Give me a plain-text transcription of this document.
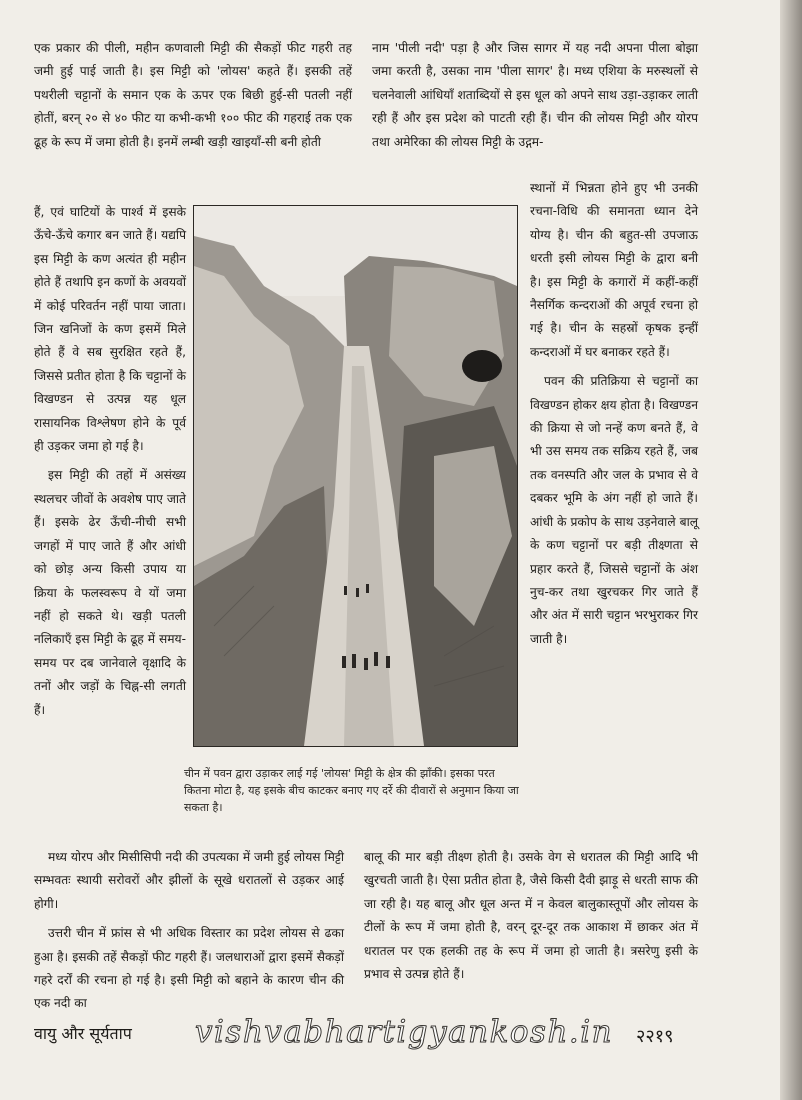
एक प्रकार की पीली, महीन कणवाली मिट्टी की सैकड़ों फीट गहरी तह जमी हुई पाई जाती है। इस मिट्टी को 'लोयस' कहते हैं। इसकी तहें पथरीली चट्टानों के समान एक के ऊपर एक बिछी हुई-सी पतली नहीं होतीं, बरन् २० से ४० फीट या कभी-कभी १०० फीट की गहराई तक एक ढूह के रूप में जमा होती है। इनमें लम्बी खड़ी खाइयाँ-सी बनी होती

हैं, एवं घाटियों के पार्श्व में इसके ऊँचे-ऊँचे कगार बन जाते हैं। यद्यपि इस मिट्टी के कण अत्यंत ही महीन होते हैं तथापि इन कणों के अवयवों में कोई परिवर्तन नहीं पाया जाता। जिन खनिजों के कण इसमें मिले होते हैं वे सब सुरक्षित रहते हैं, जिससे प्रतीत होता है कि चट्टानों के विखण्डन से उत्पन्न यह धूल रासायनिक विश्लेषण होने के पूर्व ही उड़कर जमा हो गई है।

इस मिट्टी की तहों में असंख्य स्थलचर जीवों के अवशेष पाए जाते हैं। इसके ढेर ऊँची-नीची सभी जगहों में पाए जाते हैं और आंधी को छोड़ अन्य किसी उपाय या क्रिया के फलस्वरूप वे यों जमा नहीं हो सकते थे। खड़ी पतली नलिकाएँ इस मिट्टी के ढूह में समय-समय पर दब जानेवाले वृक्षादि के तनों और जड़ों के चिह्न-सी लगती हैं।

नाम 'पीली नदी' पड़ा है और जिस सागर में यह नदी अपना पीला बोझा जमा करती है, उसका नाम 'पीला सागर' है। मध्य एशिया के मरुस्थलों से चलनेवाली आंधियाँ शताब्दियों से इस धूल को अपने साथ उड़ा-उड़ाकर लाती रही हैं और इस प्रदेश को पाटती रही हैं। चीन की लोयस मिट्टी और योरप तथा अमेरिका की लोयस मिट्टी के उद्गम-

स्थानों में भिन्नता होने हुए भी उनकी रचना-विधि की समानता ध्यान देने योग्य है। चीन की बहुत-सी उपजाऊ धरती इसी लोयस मिट्टी के द्वारा बनी है। इस मिट्टी के कगारों में कहीं-कहीं नैसर्गिक कन्दराओं की अपूर्व रचना हो गई है। चीन के सहस्रों कृषक इन्हीं कन्दराओं में घर बनाकर रहते हैं।

पवन की प्रतिक्रिया से चट्टानों का विखण्डन होकर क्षय होता है। विखण्डन की क्रिया से जो नन्हें कण बनते हैं, वे भी उस समय तक सक्रिय रहते हैं, जब तक वनस्पति और जल के प्रभाव से वे दबकर भूमि के अंग नहीं हो जाते हैं। आंधी के प्रकोप के साथ उड़नेवाले बालू के कण चट्टानों पर बड़ी तीक्ष्णता से प्रहार करते हैं, जिससे चट्टानों के अंश नुच-कर तथा खुरचकर गिर जाते हैं और अंत में सारी चट्टान भरभुराकर गिर जाती है।

चीन में पवन द्वारा उड़ाकर लाई गई 'लोयस' मिट्टी के क्षेत्र की झाँकी। इसका परत कितना मोटा है, यह इसके बीच काटकर बनाए गए दर्रे की दीवारों से अनुमान किया जा सकता है।

मध्य योरप और मिसीसिपी नदी की उपत्यका में जमी हुई लोयस मिट्टी सम्भवतः स्थायी सरोवरों और झीलों के सूखे धरातलों से उड़कर आई होगी।

उत्तरी चीन में फ्रांस से भी अधिक विस्तार का प्रदेश लोयस से ढका हुआ है। इसकी तहें सैकड़ों फीट गहरी हैं। जलधाराओं द्वारा इसमें सैकड़ों गहरे दर्रों की रचना हो गई है। इसी मिट्टी को बहाने के कारण चीन की एक नदी का

बालू की मार बड़ी तीक्ष्ण होती है। उसके वेग से धरातल की मिट्टी आदि भी खुरचती जाती है। ऐसा प्रतीत होता है, जैसे किसी दैवी झाड़ू से धरती साफ की जा रही है। यह बालू और धूल अन्त में न केवल बालुकास्तूपों और लोयस के टीलों के रूप में जमा होती है, वरन् दूर-दूर तक आकाश में छाकर अंत में धरातल पर एक हलकी तह के रूप में जमा हो जाती है। त्रसरेणु इसी के प्रभाव से उत्पन्न होते हैं।

वायु और सूर्यताप vishvabhartigyankosh.in २२१९
